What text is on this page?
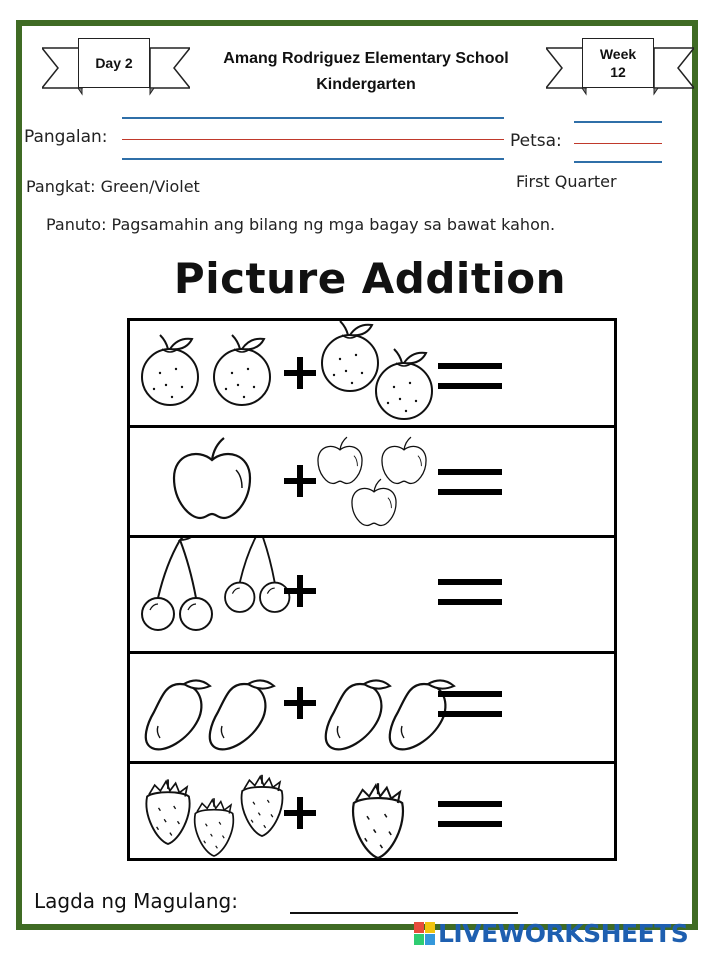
Day 2
Week
12
Amang Rodriguez Elementary School
Kindergarten
Pangalan:	Petsa:
Pangkat: Green/Violet	First Quarter
Panuto: Pagsamahin ang bilang ng mga bagay sa bawat kahon.
Picture Addition
Lagda ng Magulang:
LIVEWORKSHEETS
